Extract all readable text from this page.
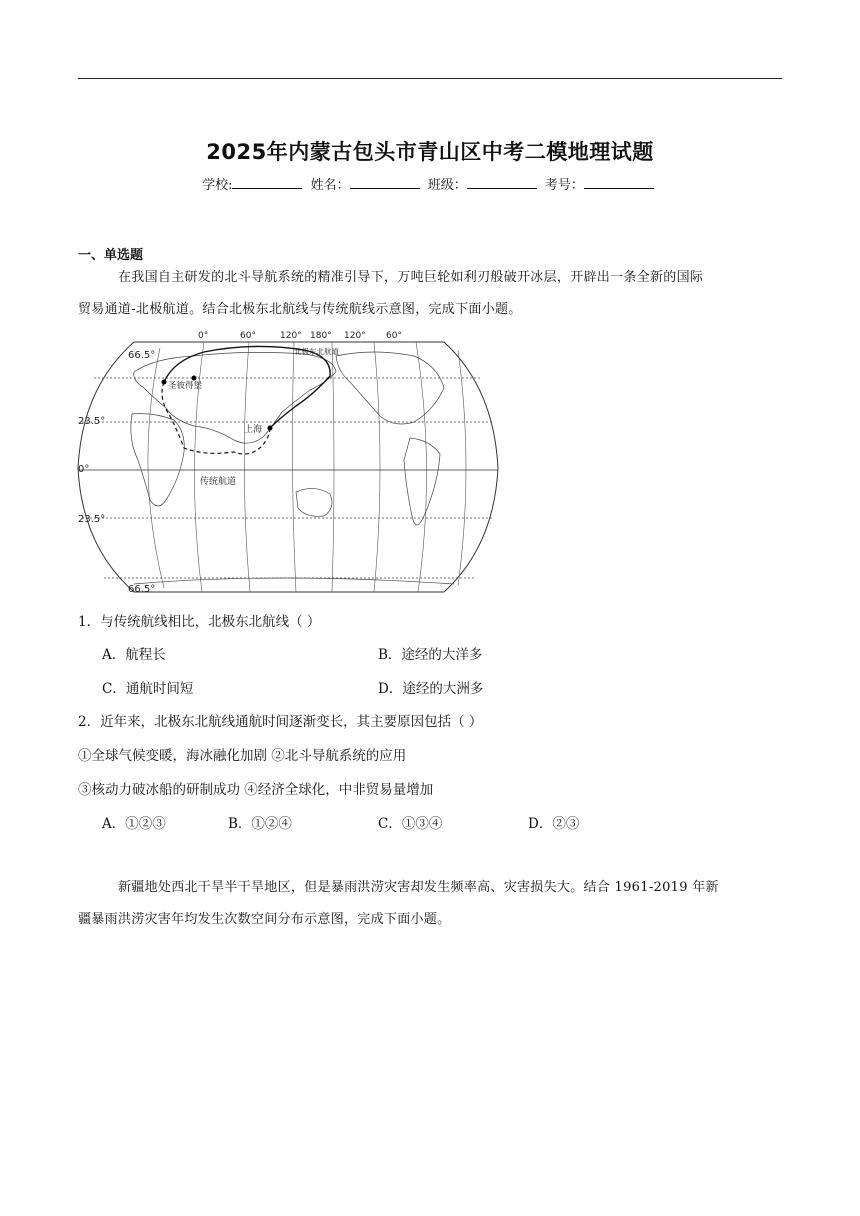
2025年内蒙古包头市青山区中考二模地理试题
学校:	姓名：	班级：	考号：
一、单选题
在我国自主研发的北斗导航系统的精准引导下，万吨巨轮如利刃般破开冰层，开辟出一条全新的国际
贸易通道-北极航道。结合北极东北航线与传统航线示意图，完成下面小题。
圣彼得堡
上海
北极东北航道
传统航道
0°	60°	120° 180° 120° 60°
66.5°
23.5°
0°
23.5°
66.5°
1．与传统航线相比，北极东北航线（ ）
A．航程长	B．途经的大洋多
C．通航时间短	D．途经的大洲多
2．近年来，北极东北航线通航时间逐渐变长，其主要原因包括（ ）
①全球气候变暖，海冰融化加剧 ②北斗导航系统的应用
③核动力破冰船的研制成功 ④经济全球化，中非贸易量增加
A．①②③	B．①②④	C．①③④	D．②③
新疆地处西北干旱半干旱地区，但是暴雨洪涝灾害却发生频率高、灾害损失大。结合 1961-2019 年新
疆暴雨洪涝灾害年均发生次数空间分布示意图，完成下面小题。
